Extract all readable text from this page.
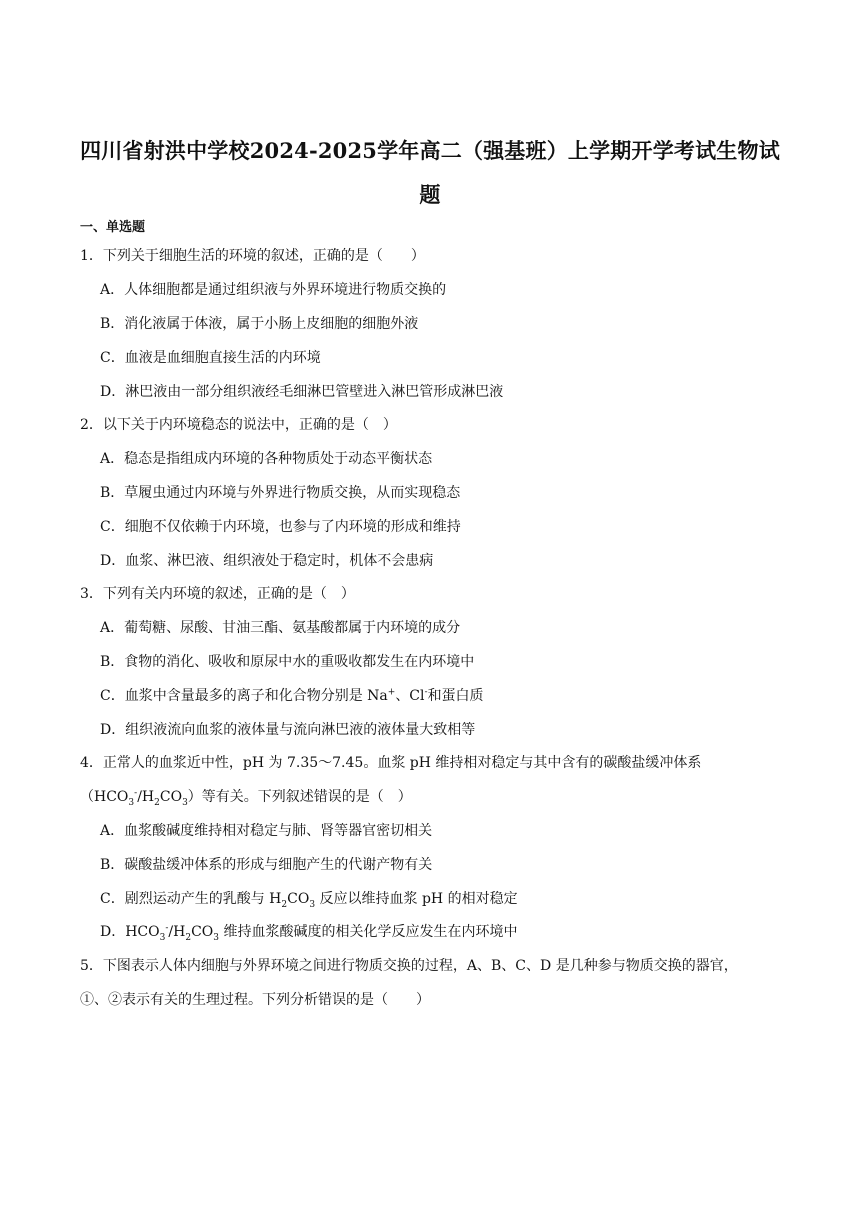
四川省射洪中学校2024-2025学年高二（强基班）上学期开学考试生物试
题
一、单选题
1．下列关于细胞生活的环境的叙述，正确的是（　　）
A．人体细胞都是通过组织液与外界环境进行物质交换的
B．消化液属于体液，属于小肠上皮细胞的细胞外液
C．血液是血细胞直接生活的内环境
D．淋巴液由一部分组织液经毛细淋巴管壁进入淋巴管形成淋巴液
2．以下关于内环境稳态的说法中，正确的是（　）
A．稳态是指组成内环境的各种物质处于动态平衡状态
B．草履虫通过内环境与外界进行物质交换，从而实现稳态
C．细胞不仅依赖于内环境，也参与了内环境的形成和维持
D．血浆、淋巴液、组织液处于稳定时，机体不会患病
3．下列有关内环境的叙述，正确的是（　）
A．葡萄糖、尿酸、甘油三酯、氨基酸都属于内环境的成分
B．食物的消化、吸收和原尿中水的重吸收都发生在内环境中
C．血浆中含量最多的离子和化合物分别是 Na+、Cl-和蛋白质
D．组织液流向血浆的液体量与流向淋巴液的液体量大致相等
4．正常人的血浆近中性，pH 为 7.35～7.45。血浆 pH 维持相对稳定与其中含有的碳酸盐缓冲体系
$(HCO_3^-/H_2CO_3)$等有关。下列叙述错误的是（　）
A．血浆酸碱度维持相对稳定与肺、肾等器官密切相关
B．碳酸盐缓冲体系的形成与细胞产生的代谢产物有关
C．剧烈运动产生的乳酸与 $H_2CO_3$ 反应以维持血浆 pH 的相对稳定
D．$HCO_3^-/H_2CO_3$ 维持血浆酸碱度的相关化学反应发生在内环境中
5．下图表示人体内细胞与外界环境之间进行物质交换的过程，A、B、C、D 是几种参与物质交换的器官，
①、②表示有关的生理过程。下列分析错误的是（　　）
